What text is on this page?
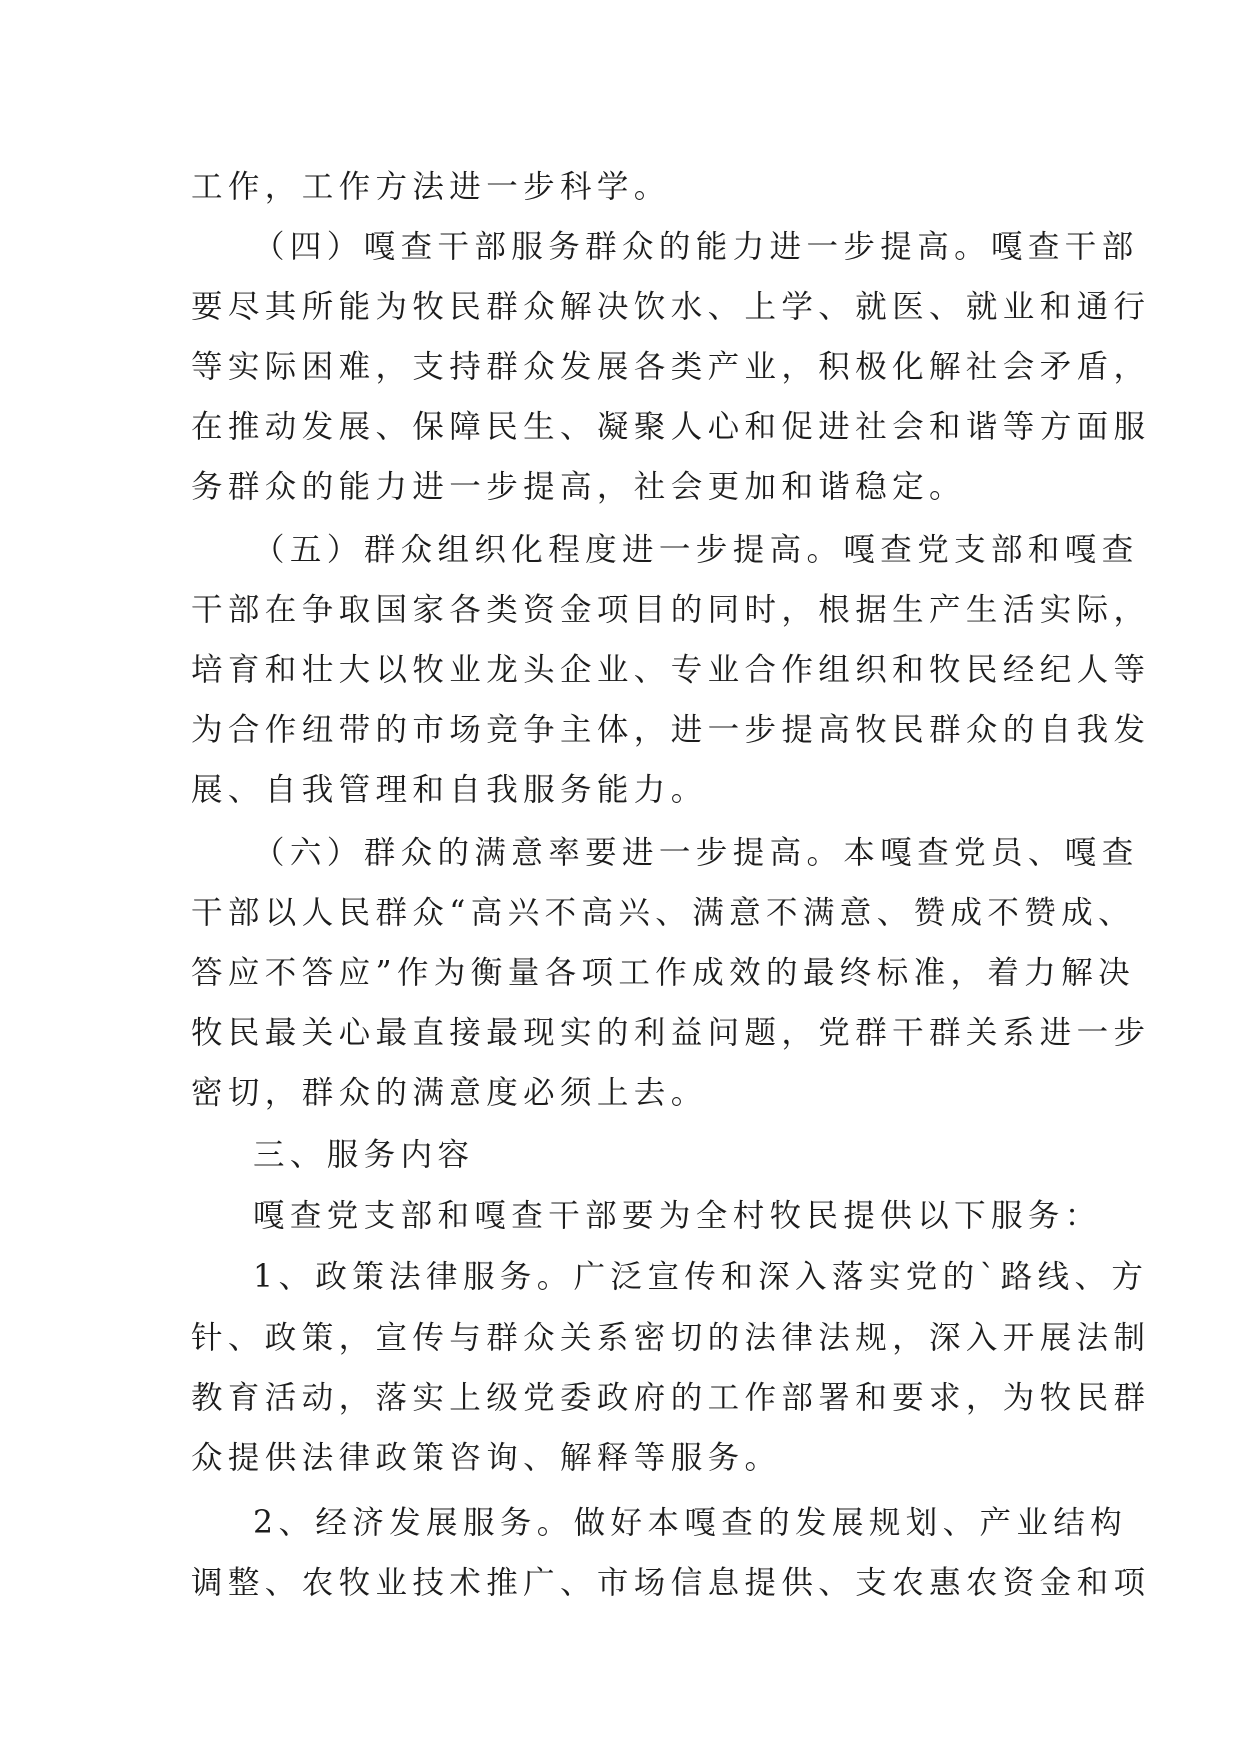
工作，工作方法进一步科学。
（四）嘎查干部服务群众的能力进一步提高。嘎查干部
要尽其所能为牧民群众解决饮水、上学、就医、就业和通行
等实际困难，支持群众发展各类产业，积极化解社会矛盾，
在推动发展、保障民生、凝聚人心和促进社会和谐等方面服
务群众的能力进一步提高，社会更加和谐稳定。
（五）群众组织化程度进一步提高。嘎查党支部和嘎查
干部在争取国家各类资金项目的同时，根据生产生活实际，
培育和壮大以牧业龙头企业、专业合作组织和牧民经纪人等
为合作纽带的市场竞争主体，进一步提高牧民群众的自我发
展、自我管理和自我服务能力。
（六）群众的满意率要进一步提高。本嘎查党员、嘎查
干部以人民群众“高兴不高兴、满意不满意、赞成不赞成、
答应不答应”作为衡量各项工作成效的最终标准，着力解决
牧民最关心最直接最现实的利益问题，党群干群关系进一步
密切，群众的满意度必须上去。
三、服务内容
嘎查党支部和嘎查干部要为全村牧民提供以下服务：
1、政策法律服务。广泛宣传和深入落实党的`路线、方
针、政策，宣传与群众关系密切的法律法规，深入开展法制
教育活动，落实上级党委政府的工作部署和要求，为牧民群
众提供法律政策咨询、解释等服务。
2、经济发展服务。做好本嘎查的发展规划、产业结构
调整、农牧业技术推广、市场信息提供、支农惠农资金和项
